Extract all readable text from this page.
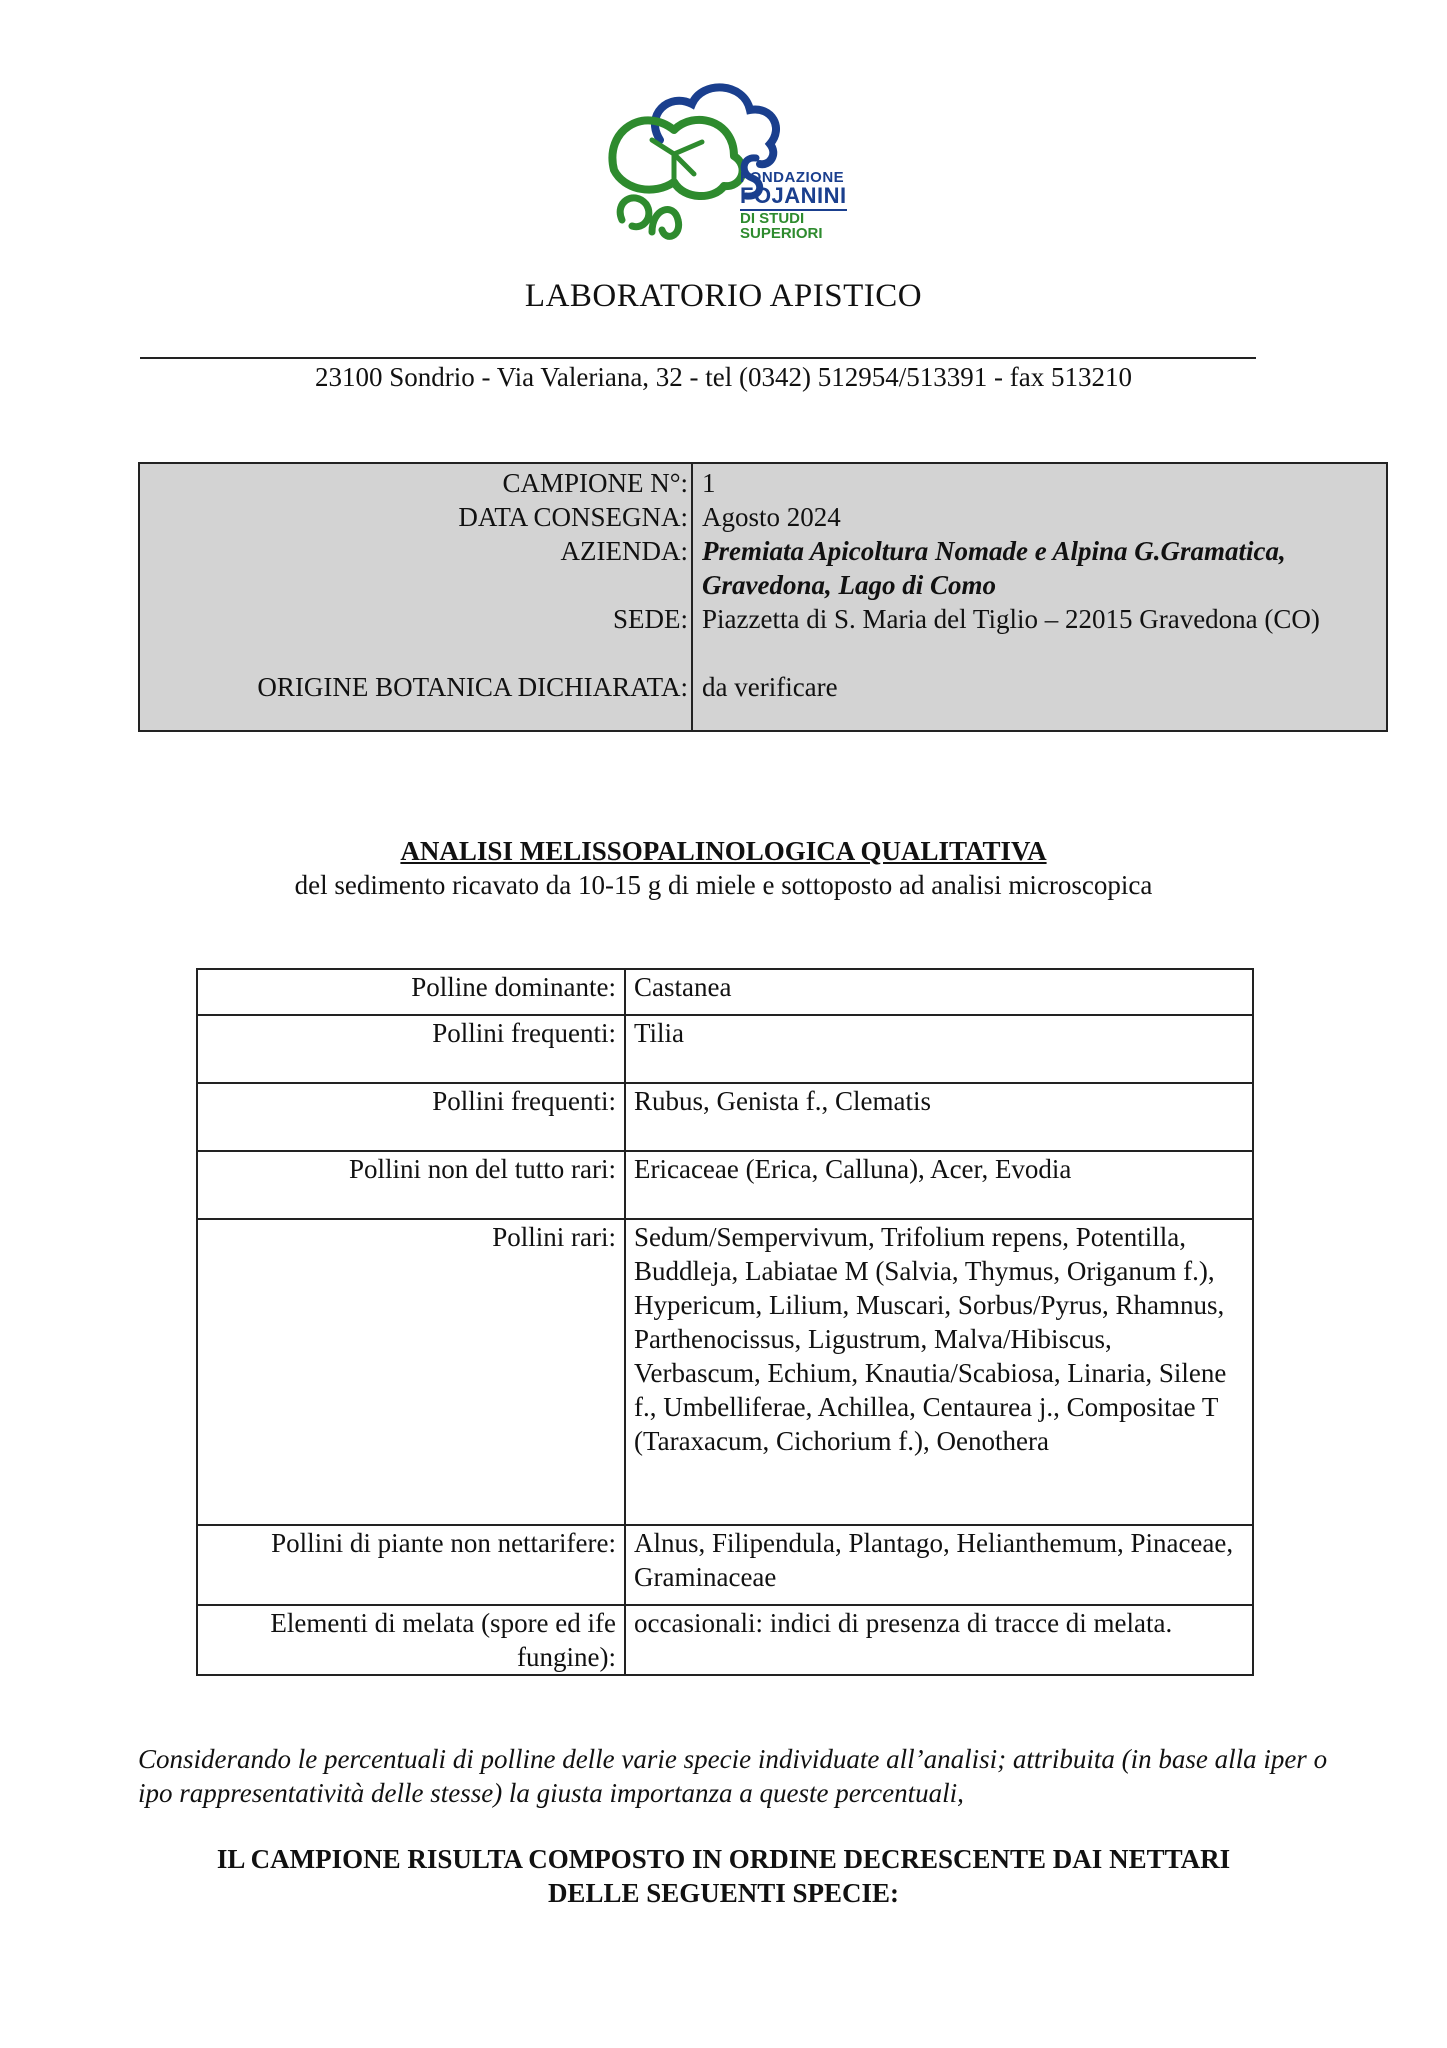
FONDAZIONE
FOJANINI
DI STUDI
SUPERIORI
LABORATORIO APISTICO
23100 Sondrio - Via Valeriana, 32 - tel (0342) 512954/513391 - fax 513210
CAMPIONE N°: 1
DATA CONSEGNA: Agosto 2024
AZIENDA: Premiata Apicoltura Nomade e Alpina G.Gramatica,
Gravedona, Lago di Como
SEDE: Piazzetta di S. Maria del Tiglio – 22015 Gravedona (CO)
ORIGINE BOTANICA DICHIARATA: da verificare
ANALISI MELISSOPALINOLOGICA QUALITATIVA
del sedimento ricavato da 10-15 g di miele e sottoposto ad analisi microscopica
Polline dominante:	Castanea
Pollini frequenti:	Tilia
Pollini frequenti:	Rubus, Genista f., Clematis
Pollini non del tutto rari:	Ericaceae (Erica, Calluna), Acer, Evodia
Pollini rari:	Sedum/Sempervivum, Trifolium repens, Potentilla, Buddleja, Labiatae M (Salvia, Thymus, Origanum f.), Hypericum, Lilium, Muscari, Sorbus/Pyrus, Rhamnus, Parthenocissus, Ligustrum, Malva/Hibiscus, Verbascum, Echium, Knautia/Scabiosa, Linaria, Silene f., Umbelliferae, Achillea, Centaurea j., Compositae T (Taraxacum, Cichorium f.), Oenothera
Pollini di piante non nettarifere:	Alnus, Filipendula, Plantago, Helianthemum, Pinaceae, Graminaceae
Elementi di melata (spore ed ife fungine):	occasionali: indici di presenza di tracce di melata.
Considerando le percentuali di polline delle varie specie individuate all’analisi; attribuita (in base alla iper o ipo rappresentatività delle stesse) la giusta importanza a queste percentuali,
IL CAMPIONE RISULTA COMPOSTO IN ORDINE DECRESCENTE DAI NETTARI
DELLE SEGUENTI SPECIE:
